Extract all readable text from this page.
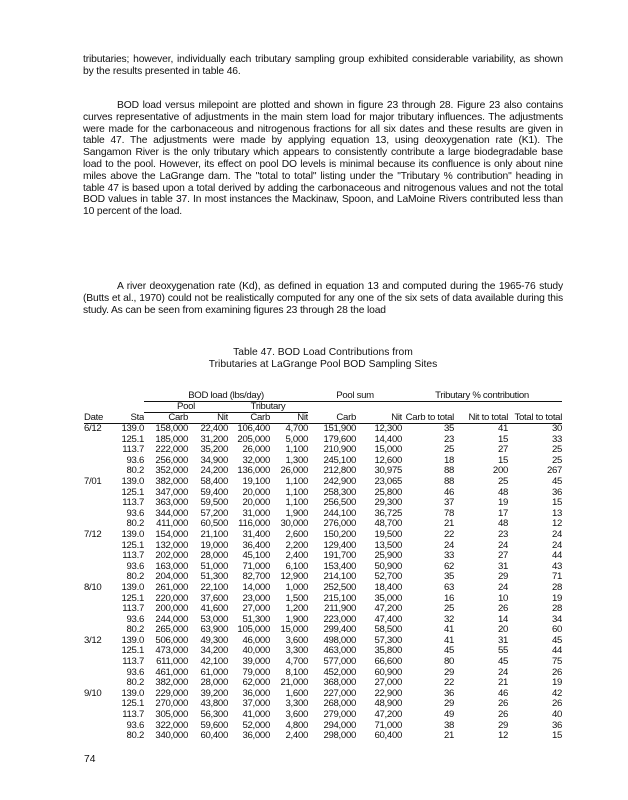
tributaries; however, individually each tributary sampling group exhibited considerable variability, as shown by the results presented in table 46.

BOD load versus milepoint are plotted and shown in figure 23 through 28. Figure 23 also contains curves representative of adjustments in the main stem load for major tributary influences. The adjustments were made for the carbonaceous and nitrogenous fractions for all six dates and these results are given in table 47. The adjustments were made by applying equation 13, using deoxygenation rate (K1). The Sangamon River is the only tributary which appears to consistently contribute a large biodegradable base load to the pool. However, its effect on pool DO levels is minimal because its confluence is only about nine miles above the LaGrange dam. The "total to total" listing under the "Tributary % contribution" heading in table 47 is based upon a total derived by adding the carbonaceous and nitrogenous values and not the total BOD values in table 37. In most instances the Mackinaw, Spoon, and LaMoine Rivers contributed less than 10 percent of the load.

A river deoxygenation rate (Kd), as defined in equation 13 and computed during the 1965-76 study (Butts et al., 1970) could not be realistically computed for any one of the six sets of data available during this study. As can be seen from examining figures 23 through 28 the load

Table 47. BOD Load Contributions from
Tributaries at LaGrange Pool BOD Sampling Sites
		BOD load (lbs/day)				Pool sum		Tributary % contribution		
		Pool		Tributary						
Date	Sta	Carb	Nit	Carb	Nit	Carb	Nit	Carb to total	Nit to total	Total to total
6/12	139.0	158,000	22,400	106,400	4,700	151,900	12,300	35	41	30
	125.1	185,000	31,200	205,000	5,000	179,600	14,400	23	15	33
	113.7	222,000	35,200	26,000	1,100	210,900	15,000	25	27	25
	93.6	256,000	34,900	32,000	1,300	245,100	12,600	18	15	25
	80.2	352,000	24,200	136,000	26,000	212,800	30,975	88	200	267
7/01	139.0	382,000	58,400	19,100	1,100	242,900	23,065	88	25	45
	125.1	347,000	59,400	20,000	1,100	258,300	25,800	46	48	36
	113.7	363,000	59,500	20,000	1,100	256,500	29,300	37	19	15
	93.6	344,000	57,200	31,000	1,900	244,100	36,725	78	17	13
	80.2	411,000	60,500	116,000	30,000	276,000	48,700	21	48	12
7/12	139.0	154,000	21,100	31,400	2,600	150,200	19,500	22	23	24
	125.1	132,000	19,000	36,400	2,200	129,400	13,500	24	24	24
	113.7	202,000	28,000	45,100	2,400	191,700	25,900	33	27	44
	93.6	163,000	51,000	71,000	6,100	153,400	50,900	62	31	43
	80.2	204,000	51,300	82,700	12,900	214,100	52,700	35	29	71
8/10	139.0	261,000	22,100	14,000	1,000	252,500	18,400	63	24	28
	125.1	220,000	37,600	23,000	1,500	215,100	35,000	16	10	19
	113.7	200,000	41,600	27,000	1,200	211,900	47,200	25	26	28
	93.6	244,000	53,000	51,300	1,900	223,000	47,400	32	14	34
	80.2	265,000	63,900	105,000	15,000	299,400	58,500	41	20	60
3/12	139.0	506,000	49,300	46,000	3,600	498,000	57,300	41	31	45
	125.1	473,000	34,200	40,000	3,300	463,000	35,800	45	55	44
	113.7	611,000	42,100	39,000	4,700	577,000	66,600	80	45	75
	93.6	461,000	61,000	79,000	8,100	452,000	60,900	29	24	26
	80.2	382,000	28,000	62,000	21,000	368,000	27,000	22	21	19
9/10	139.0	229,000	39,200	36,000	1,600	227,000	22,900	36	46	42
	125.1	270,000	43,800	37,000	3,300	268,000	48,900	29	26	26
	113.7	305,000	56,300	41,000	3,600	279,000	47,200	49	26	40
	93.6	322,000	59,600	52,000	4,800	294,000	71,000	38	29	36
	80.2	340,000	60,400	36,000	2,400	298,000	60,400	21	12	15
74
